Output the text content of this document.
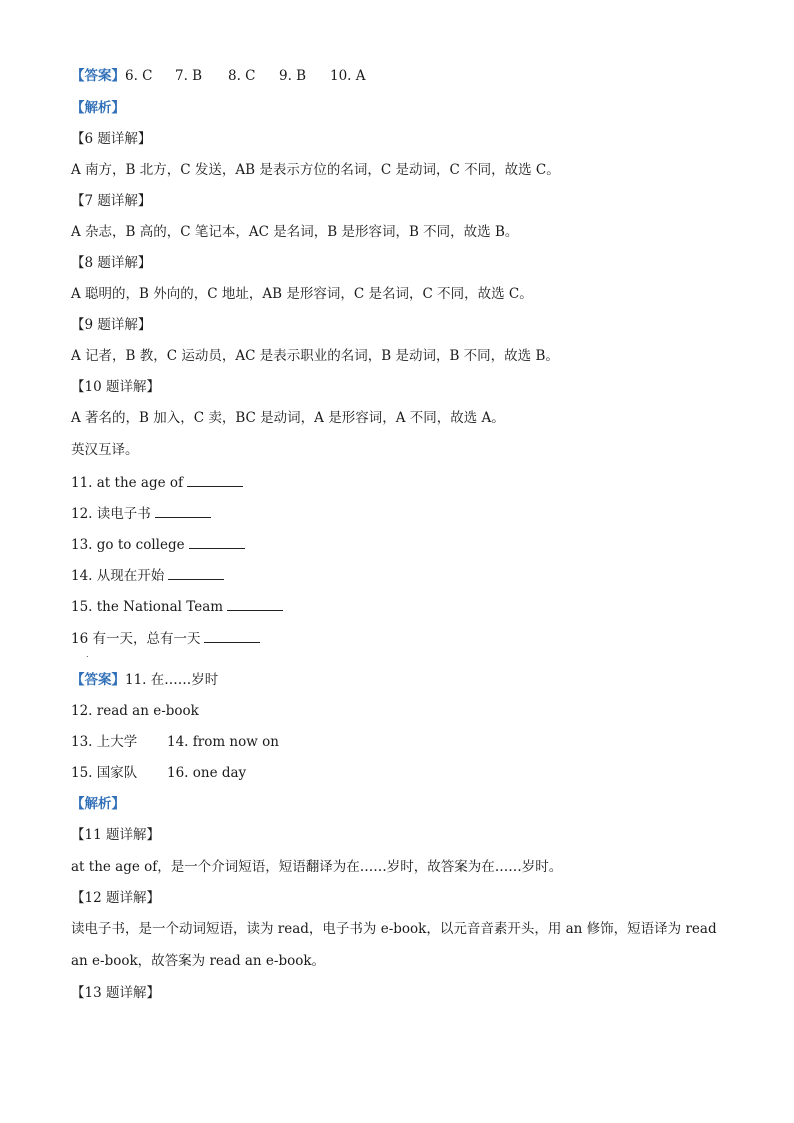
【答案】6. C 7. B 8. C 9. B 10. A
【解析】
【6 题详解】
A 南方，B 北方，C 发送，AB 是表示方位的名词，C 是动词，C 不同，故选 C。
【7 题详解】
A 杂志，B 高的，C 笔记本，AC 是名词，B 是形容词，B 不同，故选 B。
【8 题详解】
A 聪明的，B 外向的，C 地址，AB 是形容词，C 是名词，C 不同，故选 C。
【9 题详解】
A 记者，B 教，C 运动员，AC 是表示职业的名词，B 是动词，B 不同，故选 B。
【10 题详解】
A 著名的，B 加入，C 卖，BC 是动词，A 是形容词，A 不同，故选 A。
英汉互译。
11. at the age of
12. 读电子书
13. go to college
14. 从现在开始
15. the National Team
16 有一天，总有一天
.
【答案】11. 在……岁时
12. read an e-book
13. 上大学 14. from now on
15. 国家队 16. one day
【解析】
【11 题详解】
at the age of，是一个介词短语，短语翻译为在……岁时，故答案为在……岁时。
【12 题详解】
读电子书，是一个动词短语，读为 read，电子书为 e-book，以元音音素开头，用 an 修饰，短语译为 read
an e-book，故答案为 read an e-book。
【13 题详解】
